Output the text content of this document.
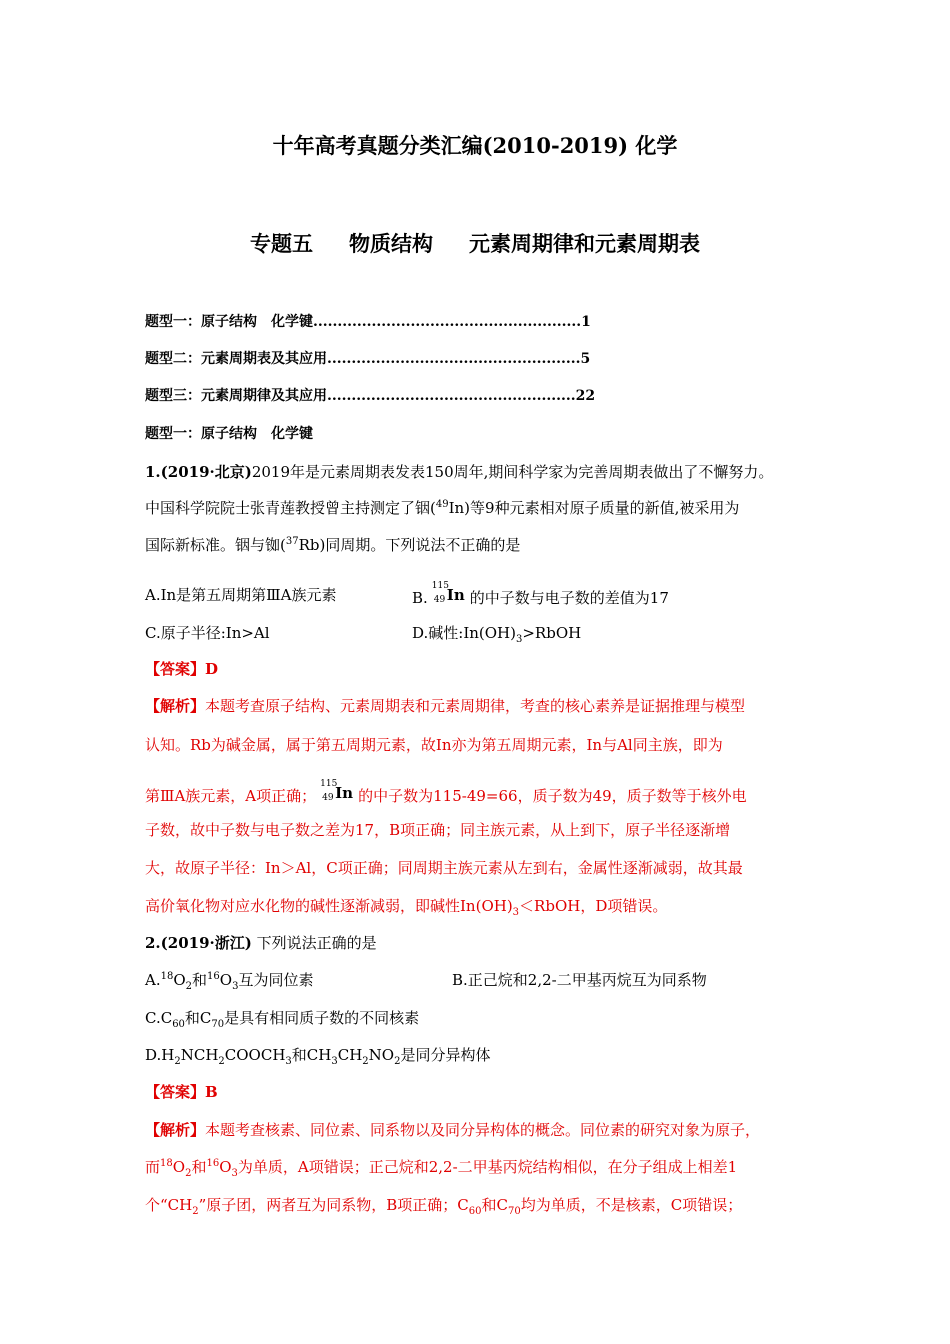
十年高考真题分类汇编(2010-2019) 化学
专题五 物质结构 元素周期律和元素周期表
题型一：原子结构　化学键.......................................................1
题型二：元素周期表及其应用....................................................5
题型三：元素周期律及其应用...................................................22
题型一：原子结构　化学键
1.(2019·北京)2019年是元素周期表发表150周年,期间科学家为完善周期表做出了不懈努力。
中国科学院院士张青莲教授曾主持测定了铟($^{49}$In)等9种元素相对原子质量的新值,被采用为
国际新标准。铟与铷($^{37}$Rb)同周期。下列说法不正确的是
A.In是第五周期第ⅢA族元素	B.
115
49 In 的中子数与电子数的差值为17
C.原子半径:In>Al	D.碱性$:In(OH)_3>RbOH$
【答案】D
【解析】本题考查原子结构、元素周期表和元素周期律，考查的核心素养是证据推理与模型
认知。Rb为碱金属，属于第五周期元素，故In亦为第五周期元素，In与Al同主族，即为
第ⅢA族元素，A项正确；
115
49 In 的中子数为115-49=66，质子数为49，质子数等于核外电
子数，故中子数与电子数之差为17，B项正确；同主族元素，从上到下，原子半径逐渐增
大，故原子半径：In＞Al，C项正确；同周期主族元素从左到右，金属性逐渐减弱，故其最
高价氧化物对应水化物的碱性逐渐减弱，即碱性$In(OH)_3<RbOH$，D项错误。
2.(2019·浙江) 下列说法正确的是
$A.^{18}O_2$和$^{16}O_3$互为同位素	B.正己烷和2,2-二甲基丙烷互为同系物
$C.C_{60}$和$C_{70}$是具有相同质子数的不同核素
$D.H_2NCH_2COOCH_3$和$CH_3CH_2NO_2$是同分异构体
【答案】B
【解析】本题考查核素、同位素、同系物以及同分异构体的概念。同位素的研究对象为原子，
而$^{18}O_2$和$^{16}O_3$为单质，A项错误；正己烷和2,2-二甲基丙烷结构相似，在分子组成上相差1
个“$CH_2$”原子团，两者互为同系物，B项正确；$C_{60}$和$C_{70}$均为单质，不是核素，C项错误；
